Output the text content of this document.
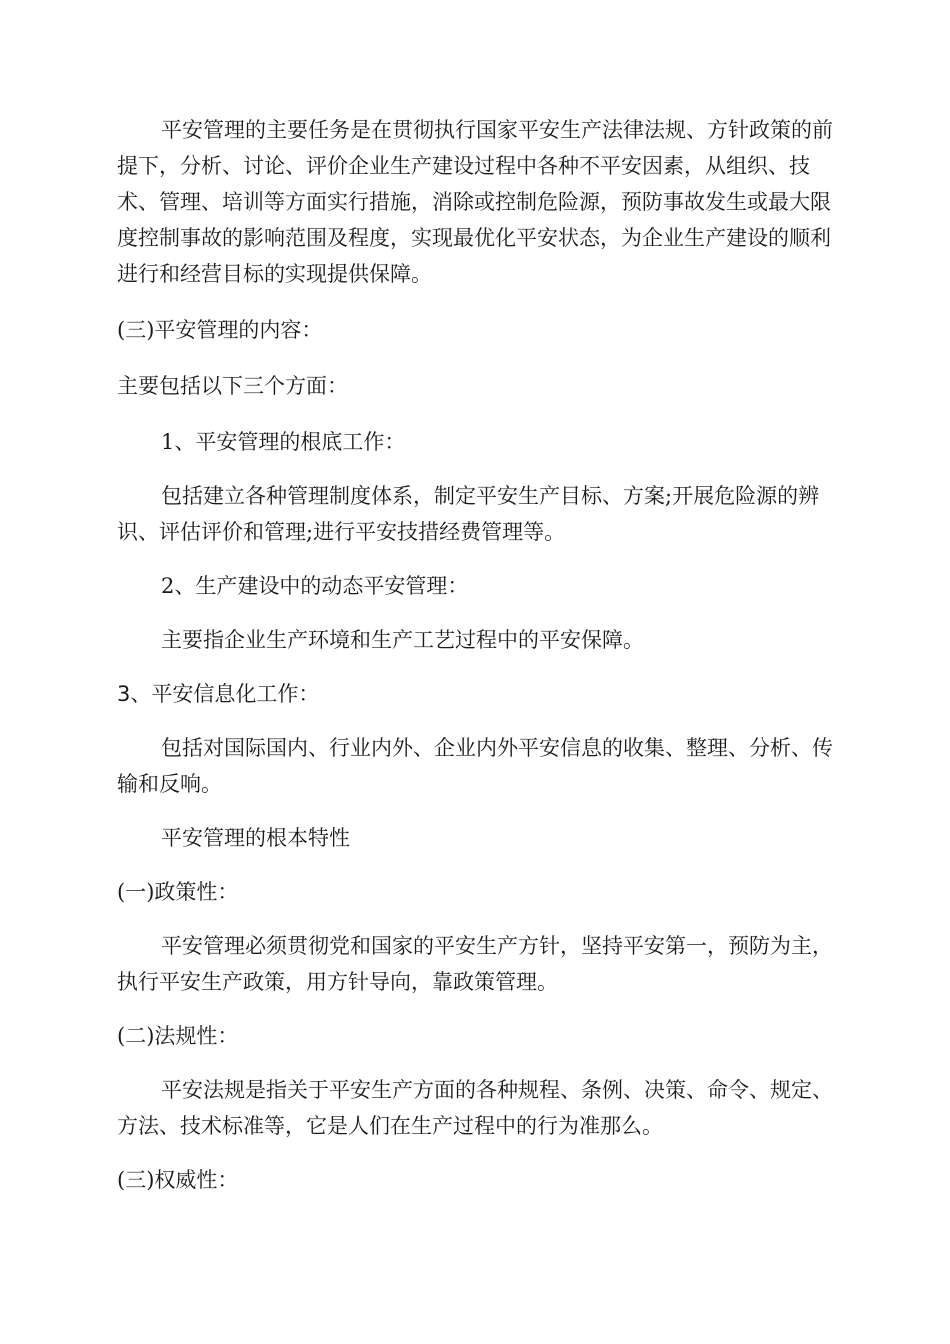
平安管理的主要任务是在贯彻执行国家平安生产法律法规、方针政策的前提下，分析、讨论、评价企业生产建设过程中各种不平安因素，从组织、技术、管理、培训等方面实行措施，消除或控制危险源，预防事故发生或最大限度控制事故的影响范围及程度，实现最优化平安状态，为企业生产建设的顺利进行和经营目标的实现提供保障。

(三)平安管理的内容：

主要包括以下三个方面：

1、平安管理的根底工作：

包括建立各种管理制度体系，制定平安生产目标、方案;开展危险源的辨识、评估评价和管理;进行平安技措经费管理等。

2、生产建设中的动态平安管理：

主要指企业生产环境和生产工艺过程中的平安保障。

3、平安信息化工作：

包括对国际国内、行业内外、企业内外平安信息的收集、整理、分析、传输和反响。

平安管理的根本特性

(一)政策性：

平安管理必须贯彻党和国家的平安生产方针，坚持平安第一，预防为主，执行平安生产政策，用方针导向，靠政策管理。

(二)法规性：

平安法规是指关于平安生产方面的各种规程、条例、决策、命令、规定、方法、技术标准等，它是人们在生产过程中的行为准那么。

(三)权威性：
